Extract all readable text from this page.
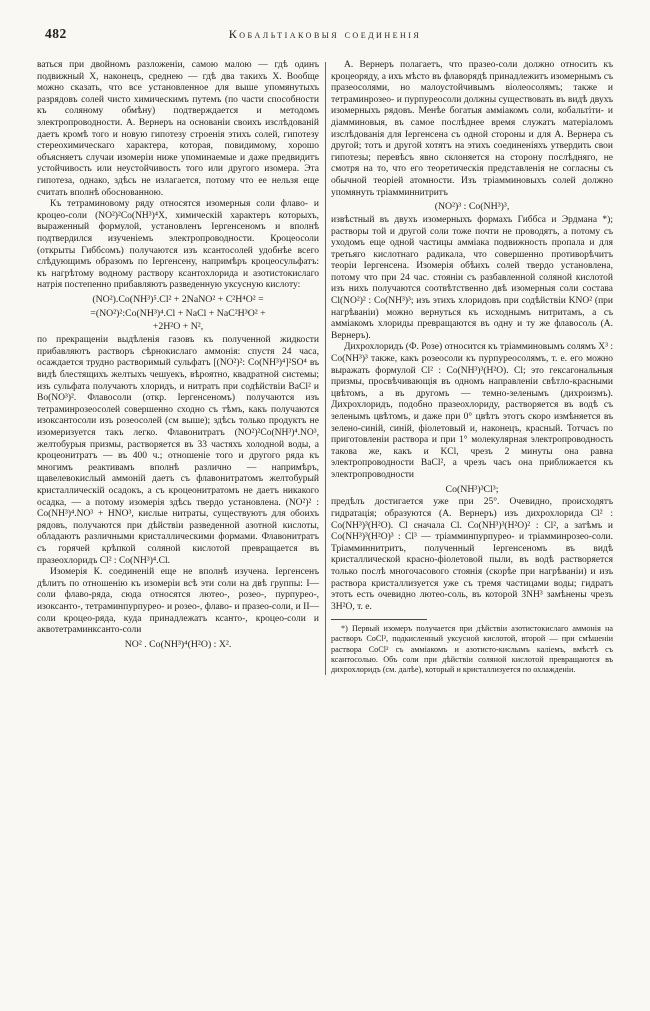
482	Кобальтіаковыя соединенія

ваться при двойномъ разложеніи, самою малою — гдѣ одинъ подвижный X, наконецъ, среднею — гдѣ два такихъ X. Вообще можно сказать, что все установленное для выше упомянутыхъ разрядовъ солей чисто химическимъ путемъ (по части способности къ соляному обмѣну) подтверждается и методомъ электропроводности. А. Вернеръ на основаніи своихъ изслѣдованій даетъ кромѣ того и новую гипотезу строенія этихъ солей, гипотезу стереохимическаго характера, которая, повидимому, хорошо объясняетъ случаи изомеріи ниже упоминаемые и даже предвидитъ устойчивость или неустойчивость того или другого изомера. Эта гипотеза, однако, здѣсь не излагается, потому что ее нельзя еще считать вполнѣ обоснованною.

Къ тетраминовому ряду относятся изомерныя соли флаво- и кроцео-соли (NO²)²Co(NH³)⁴X, химическій характеръ которыхъ, выраженный формулой, установленъ Іергенсеномъ и вполнѣ подтвердился изученіемъ электропроводности. Кроцеосоли (открыты Гиббсомъ) получаются изъ ксантосолей удобнѣе всего слѣдующимъ образомъ по Іергенсену, напримѣръ кроцеосульфатъ: къ нагрѣтому водному раствору ксантохлорида и азотистокислаго натрія постепенно прибавляютъ разведенную уксусную кислоту:

(NO²).Co(NH³)⁵.Cl² + 2NaNO² + C²H⁴O² =
=(NO²)²:Co(NH³)⁴.Cl + NaCl + NaC²H³O² +
+2H²O + N²,

по прекращеніи выдѣленія газовъ къ полученной жидкости прибавляютъ растворъ сѣрнокислаго аммонія: спустя 24 часа, осаждается трудно растворимый сульфатъ [(NO²)²: Co(NH³)⁴]²SO⁴ въ видѣ блестящихъ желтыхъ чешуекъ, вѣроятно, квадратной системы; изъ сульфата получаютъ хлоридъ, и нитратъ при содѣйствіи BaCl² и Bo(NO³)². Флавосоли (откр. Іергенсеномъ) получаются изъ тетраминрозеосолей совершенно сходно съ тѣмъ, какъ получаются изоксантосоли изъ розеосолей (см выше); здѣсь только продуктъ не изомеризуется такъ легко. Флавонитратъ (NO²)²Co(NH³)⁴.NO³, желтобурыя призмы, растворяется въ 33 частяхъ холодной воды, а кроцеонитратъ — въ 400 ч.; отношеніе того и другого ряда къ многимъ реактивамъ вполнѣ различно — напримѣръ, щавелевокислый аммоній даетъ съ флавонитратомъ желтобурый кристаллическій осадокъ, а съ кроцеонитратомъ не даетъ никакого осадка, — а потому изомерія здѣсь твердо установлена. (NO²)² : Co(NH³)⁴.NO³ + HNO³, кислые нитраты, существуютъ для обоихъ рядовъ, получаются при дѣйствіи разведенной азотной кислоты, обладаютъ различными кристаллическими формами. Флавонитратъ съ горячей крѣпкой соляной кислотой превращается въ празеохлоридъ Cl² : Co(NH³)⁴.Cl.

Изомерія К. соединеній еще не вполнѣ изучена. Іергенсенъ дѣлитъ по отношенію къ изомеріи всѣ эти соли на двѣ группы: I—соли флаво-ряда, сюда относятся лютео-, розео-, пурпурео-, изоксанто-, тетраминпурпурео- и розео-, флаво- и празео-соли, и II—соли кроцео-ряда, куда принадлежатъ ксанто-, кроцео-соли и аквотетраминксанто-соли

NO² . Co(NH³)⁴(H²O) : X².

А. Вернеръ полагаетъ, что празео-соли должно относить къ кроцеоряду, а ихъ мѣсто въ флаворядѣ принадлежитъ изомернымъ съ празеосолями, но малоустойчивымъ віолеосолямъ; также и тетраминрозео- и пурпуреосоли должны существовать въ видѣ двухъ изомерныхъ рядовъ. Менѣе богатыя амміакомъ соли, кобальтіти- и діамминовыя, въ самое послѣднее время служатъ матеріаломъ изслѣдованія для Іергенсена съ одной стороны и для А. Вернера съ другой; тотъ и другой хотятъ на этихъ соединеніяхъ утвердить свои гипотезы; перевѣсъ явно склоняется на сторону послѣдняго, не смотря на то, что его теоретическія представленія не согласны съ обычной теоріей атомности. Изъ тріамминовыхъ солей должно упомянуть тріамминнитритъ

(NO²)³ : Co(NH³)³,

извѣстный въ двухъ изомерныхъ формахъ Гиббса и Эрдмана *); растворы той и другой соли тоже почти не проводятъ, а потому съ уходомъ еще одной частицы амміака подвижность пропала и для третьяго кислотнаго радикала, что совершенно противорѣчитъ теоріи Іергенсена. Изомерія обѣихъ солей твердо установлена, потому что при 24 час. стояніи съ разбавленной соляной кислотой изъ нихъ получаются соотвѣтственно двѣ изомерныя соли состава Cl(NO²)² : Co(NH³)³; изъ этихъ хлоридовъ при содѣйствіи KNO² (при нагрѣваніи) можно вернуться къ исходнымъ нитритамъ, а съ амміакомъ хлориды превращаются въ одну и ту же флавосоль (А. Вернеръ).

Дихрохлоридъ (Ф. Розе) относится къ тріамминовымъ солямъ X³ : Co(NH³)³ также, какъ розеосоли къ пурпуреосолямъ, т. е. его можно выражать формулой Cl² : Co(NH³)³(H²O). Cl; это гексагональныя призмы, просвѣчивающія въ одномъ направленіи свѣтло-красными цвѣтомъ, а въ другомъ — темно-зеленымъ (дихроизмъ). Дихрохлоридъ, подобно празеохлориду, растворяется въ водѣ съ зеленымъ цвѣтомъ, и даже при 0° цвѣтъ этотъ скоро измѣняется въ зелено-синій, синій, фіолетовый и, наконецъ, красный. Тотчасъ по приготовленіи раствора и при 1° молекулярная электропроводность такова же, какъ и KCl, чрезъ 2 минуты она равна электропроводности BaCl², а чрезъ часъ она приближается къ электропроводности

Co(NH³)³Cl³;

предѣлъ достигается уже при 25°. Очевидно, происходятъ гидратація; образуются (А. Вернеръ) изъ дихрохлорида Cl² : Co(NH³)³(H²O). Cl сначала Cl. Co(NH³)³(H²O)² : Cl², а затѣмъ и Co(NH³)³(H²O)³ : Cl³ — тріамминпурпурео- и тріамминрозео-соли. Тріамминнитритъ, полученный Іергенсеномъ въ видѣ кристаллической красно-фіолетовой пыли, въ водѣ растворяется только послѣ многочасового стоянія (скорѣе при нагрѣваніи) и изъ раствора кристаллизуется уже съ тремя частицами воды; гидратъ этотъ есть очевидно лютео-соль, въ которой 3NH³ замѣнены чрезъ 3H²O, т. е.

*) Первый изомеръ получается при дѣйствіи азотистокислаго аммонія на растворъ CoCl², подкисленный уксусной кислотой, второй — при смѣшеніи раствора CoCl² съ амміакомъ и азотисто-кислымъ каліемъ, вмѣстѣ съ ксантосолью. Объ соли при дѣйствіи соляной кислотой превращаются въ дихрохлоридъ (см. далѣе), который и кристаллизуется по охлажденіи.
